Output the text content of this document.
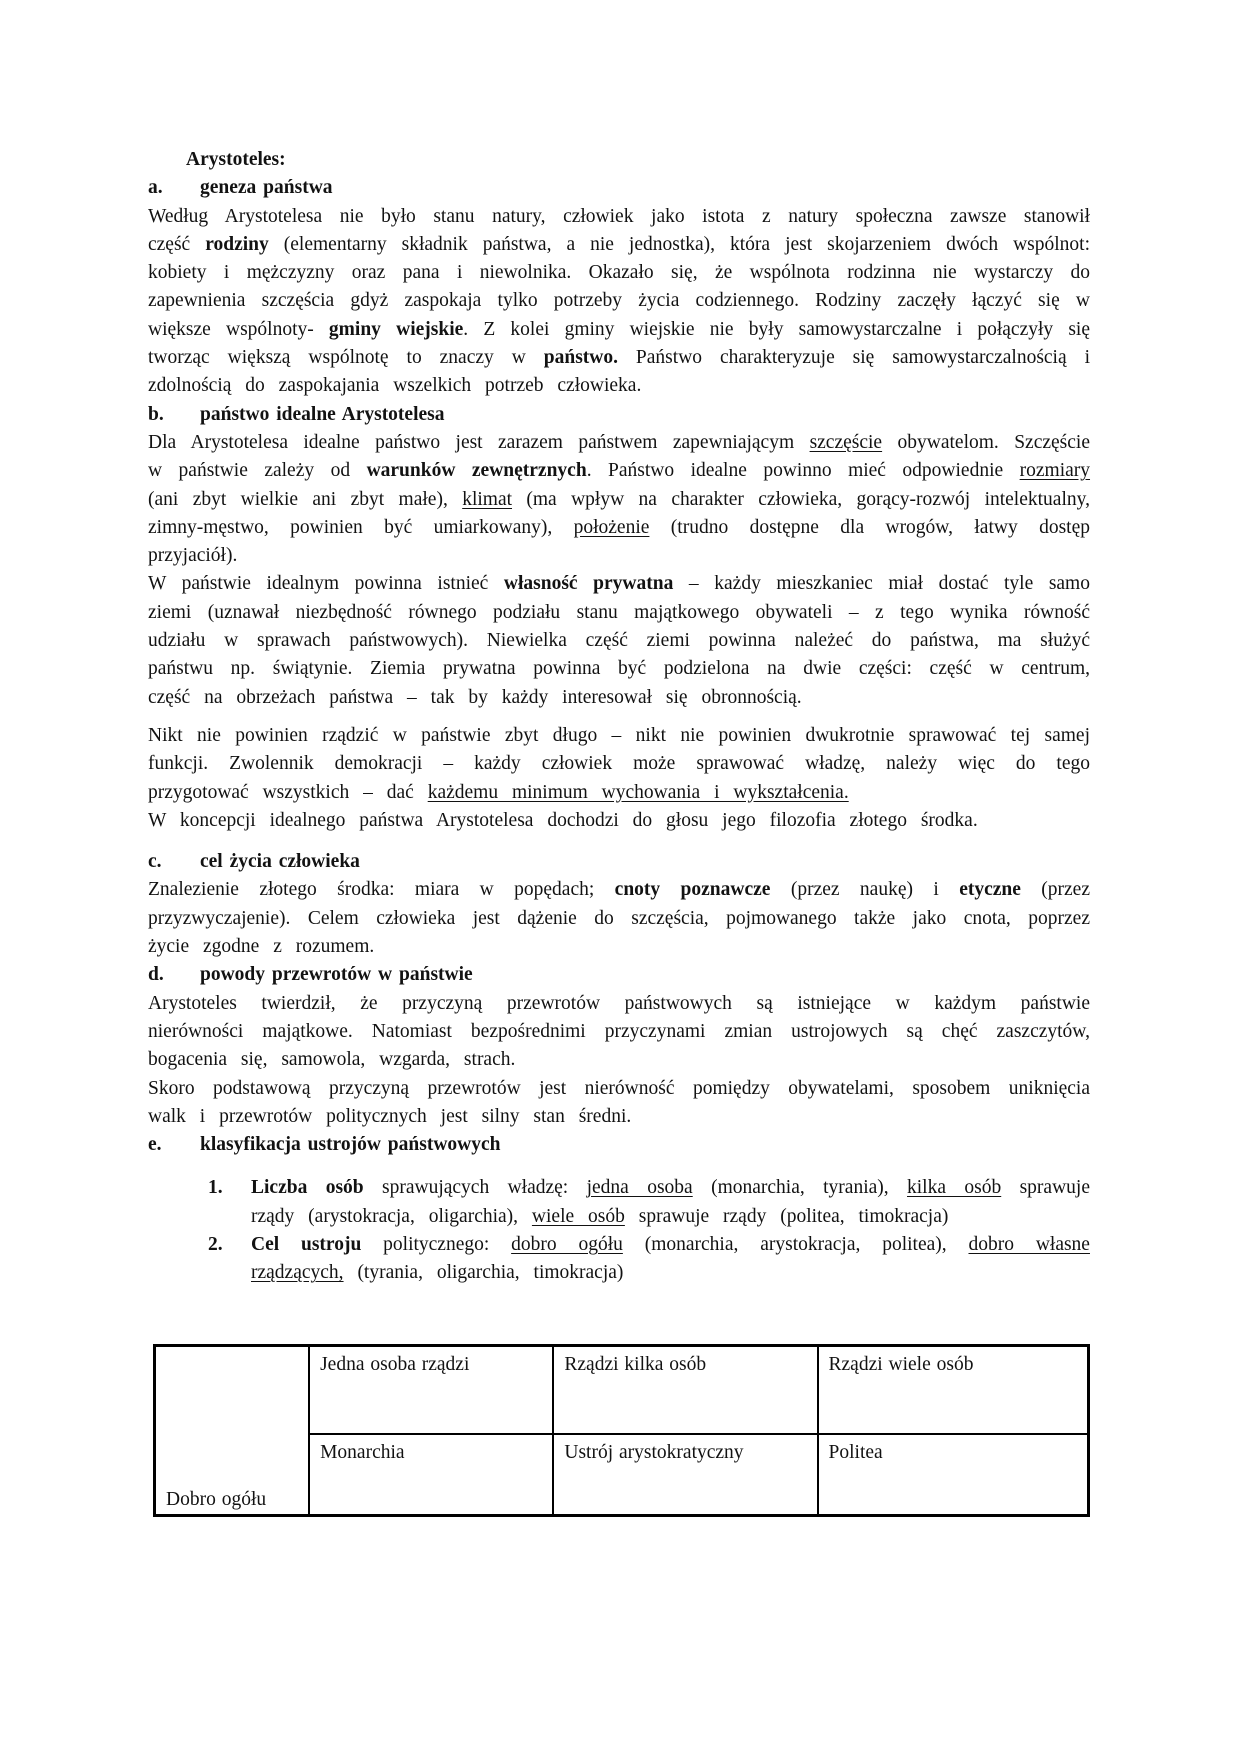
Arystoteles:
a.	geneza państwa

Według Arystotelesa nie było stanu natury, człowiek jako istota z natury społeczna zawsze stanowił część rodziny (elementarny składnik państwa, a nie jednostka), która jest skojarzeniem dwóch wspólnot: kobiety i mężczyzny oraz pana i niewolnika. Okazało się, że wspólnota rodzinna nie wystarczy do zapewnienia szczęścia gdyż zaspokaja tylko potrzeby życia codziennego. Rodziny zaczęły łączyć się w większe wspólnoty- gminy wiejskie. Z kolei gminy wiejskie nie były samowystarczalne i połączyły się tworząc większą wspólnotę to znaczy w państwo. Państwo charakteryzuje się samowystarczalnością i zdolnością do zaspokajania wszelkich potrzeb człowieka.

b.	państwo idealne Arystotelesa

Dla Arystotelesa idealne państwo jest zarazem państwem zapewniającym szczęście obywatelom. Szczęście w państwie zależy od warunków zewnętrznych. Państwo idealne powinno mieć odpowiednie rozmiary (ani zbyt wielkie ani zbyt małe), klimat (ma wpływ na charakter człowieka, gorący-rozwój intelektualny, zimny-męstwo, powinien być umiarkowany), położenie (trudno dostępne dla wrogów, łatwy dostęp przyjaciół).

W państwie idealnym powinna istnieć własność prywatna – każdy mieszkaniec miał dostać tyle samo ziemi (uznawał niezbędność równego podziału stanu majątkowego obywateli – z tego wynika równość udziału w sprawach państwowych). Niewielka część ziemi powinna należeć do państwa, ma służyć państwu np. świątynie. Ziemia prywatna powinna być podzielona na dwie części: część w centrum, część na obrzeżach państwa – tak by każdy interesował się obronnością.

Nikt nie powinien rządzić w państwie zbyt długo – nikt nie powinien dwukrotnie sprawować tej samej funkcji. Zwolennik demokracji – każdy człowiek może sprawować władzę, należy więc do tego przygotować wszystkich – dać każdemu minimum wychowania i wykształcenia.

W koncepcji idealnego państwa Arystotelesa dochodzi do głosu jego filozofia złotego środka.

c.	cel życia człowieka

Znalezienie złotego środka: miara w popędach; cnoty poznawcze (przez naukę) i etyczne (przez przyzwyczajenie). Celem człowieka jest dążenie do szczęścia, pojmowanego także jako cnota, poprzez życie zgodne z rozumem.

d.	powody przewrotów w państwie

Arystoteles twierdził, że przyczyną przewrotów państwowych są istniejące w każdym państwie nierówności majątkowe. Natomiast bezpośrednimi przyczynami zmian ustrojowych są chęć zaszczytów, bogacenia się, samowola, wzgarda, strach.

Skoro podstawową przyczyną przewrotów jest nierówność pomiędzy obywatelami, sposobem uniknięcia walk i przewrotów politycznych jest silny stan średni.

e.	klasyfikacja ustrojów państwowych
1.	Liczba osób sprawujących władzę: jedna osoba (monarchia, tyrania), kilka osób sprawuje rządy (arystokracja, oligarchia), wiele osób sprawuje rządy (politea, timokracja)
2.	Cel ustroju politycznego: dobro ogółu (monarchia, arystokracja, politea), dobro własne rządzących, (tyrania, oligarchia, timokracja)
Dobro ogółu	Jedna osoba rządzi	Rządzi kilka osób	Rządzi wiele osób
	Monarchia	Ustrój arystokratyczny	Politea
